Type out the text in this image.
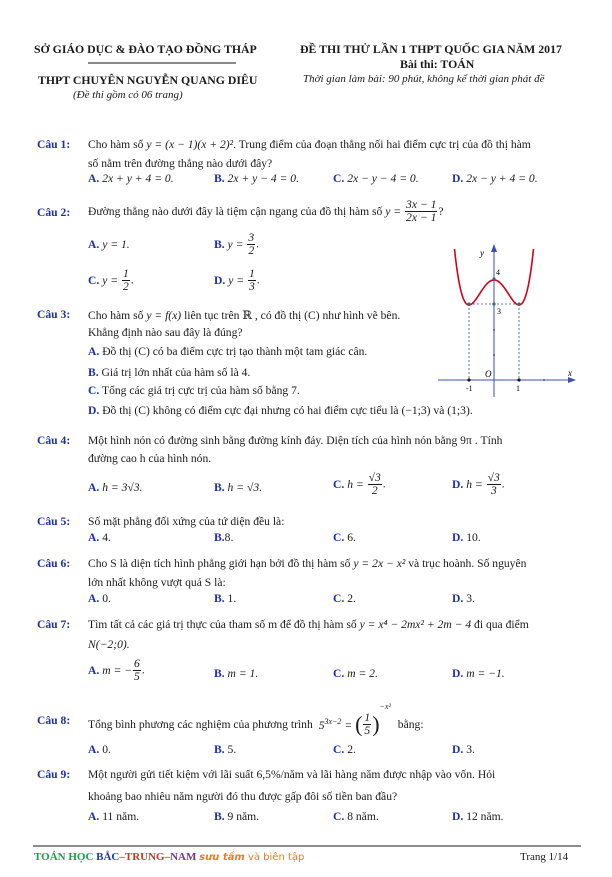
SỞ GIÁO DỤC & ĐÀO TẠO ĐỒNG THÁP
THPT CHUYÊN NGUYỄN QUANG DIÊU
(Đề thi gồm có 06 trang)
ĐỀ THI THỬ LẦN 1 THPT QUỐC GIA NĂM 2017
Bài thi: TOÁN
Thời gian làm bài: 90 phút, không kể thời gian phát đề
Câu 1: Cho hàm số y = (x − 1)(x + 2)². Trung điểm của đoạn thẳng nối hai điểm cực trị của đồ thị hàm
số nằm trên đường thẳng nào dưới đây?
A. 2x + y + 4 = 0.	B. 2x + y − 4 = 0.	C. 2x − y − 4 = 0.	D. 2x − y + 4 = 0.
Câu 2: Đường thẳng nào dưới đây là tiệm cận ngang của đồ thị hàm số $y = \frac{3x - 1}{2x - 1}$ ?
A. y = 1.	B. $y = \frac{3}{2}$ .
C. $y = \frac{1}{2}$ .	D. $y = \frac{1}{3}$ .
y
x
O
-1	1
4
3
Câu 3: Cho hàm số y = f(x) liên tục trên ℝ , có đồ thị (C) như hình vẽ bên.
Khẳng định nào sau đây là đúng?
A. Đồ thị (C) có ba điểm cực trị tạo thành một tam giác cân.
B. Giá trị lớn nhất của hàm số là 4.
C. Tổng các giá trị cực trị của hàm số bằng 7.
D. Đồ thị (C) không có điểm cực đại nhưng có hai điểm cực tiểu là (−1;3) và (1;3).
Câu 4: Một hình nón có đường sinh bằng đường kính đáy. Diện tích của hình nón bằng 9π . Tính
đường cao h của hình nón.
A. h = 3√3.	B. h = √3.	C. $h = \frac{√3}{2}$ .	D. $h = \frac{√3}{3}$ .
Câu 5: Số mặt phẳng đối xứng của tứ diện đều là:
A. 4.	B.8.	C. 6.	D. 10.
Câu 6: Cho S là diện tích hình phẳng giới hạn bởi đồ thị hàm số y = 2x − x² và trục hoành. Số nguyên
lớn nhất không vượt quá S là:
A. 0.	B. 1.	C. 2.	D. 3.
Câu 7: Tìm tất cả các giá trị thực của tham số m để đồ thị hàm số y = x⁴ − 2mx² + 2m − 4 đi qua điểm
N(−2;0).
A. m = − $\frac{6}{5}$ .	B. m = 1.	C. m = 2.	D. m = −1.
Câu 8: Tổng bình phương các nghiệm của phương trình $5^{3x-2}$ = ( $\frac{1}{5} )^{-x^2}$ bằng:
A. 0.	B. 5.	C. 2.	D. 3.
Câu 9: Một người gửi tiết kiệm với lãi suất 6,5%/năm và lãi hàng năm được nhập vào vốn. Hỏi
khoảng bao nhiêu năm người đó thu được gấp đôi số tiền ban đầu?
A. 11 năm.	B. 9 năm.	C. 8 năm.	D. 12 năm.
TOÁN HỌC BẮC–TRUNG–NAM sưu tầm và biên tập	Trang 1/14
